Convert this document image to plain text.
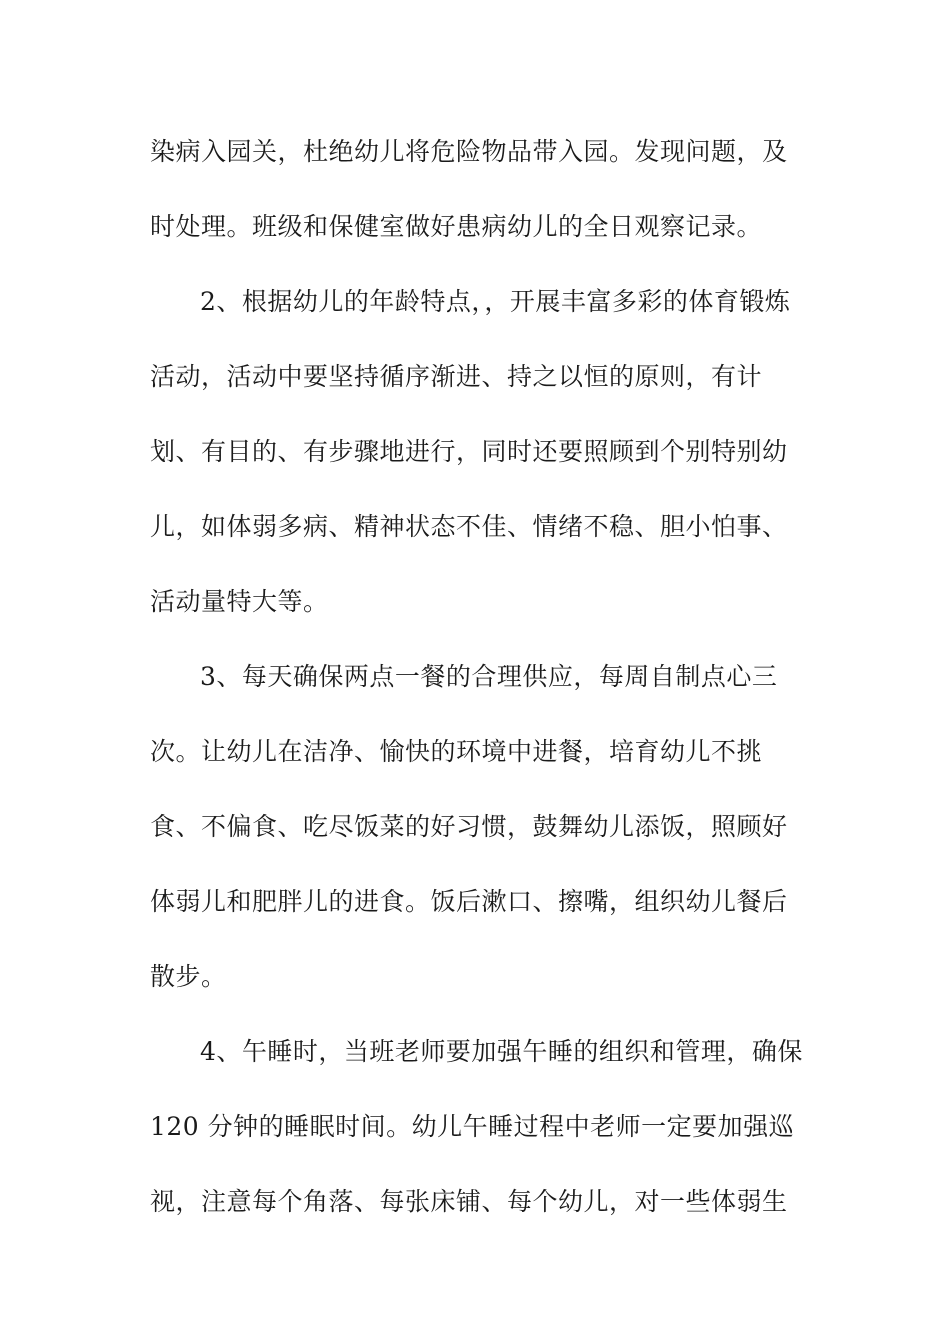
染病入园关，杜绝幼儿将危险物品带入园。发现问题，及
时处理。班级和保健室做好患病幼儿的全日观察记录。
2、根据幼儿的年龄特点，，开展丰富多彩的体育锻炼
活动，活动中要坚持循序渐进、持之以恒的原则，有计
划、有目的、有步骤地进行，同时还要照顾到个别特别幼
儿，如体弱多病、精神状态不佳、情绪不稳、胆小怕事、
活动量特大等。
3、每天确保两点一餐的合理供应，每周自制点心三
次。让幼儿在洁净、愉快的环境中进餐，培育幼儿不挑
食、不偏食、吃尽饭菜的好习惯，鼓舞幼儿添饭，照顾好
体弱儿和肥胖儿的进食。饭后漱口、擦嘴，组织幼儿餐后
散步。
4、午睡时，当班老师要加强午睡的组织和管理，确保
120 分钟的睡眠时间。幼儿午睡过程中老师一定要加强巡
视，注意每个角落、每张床铺、每个幼儿，对一些体弱生
